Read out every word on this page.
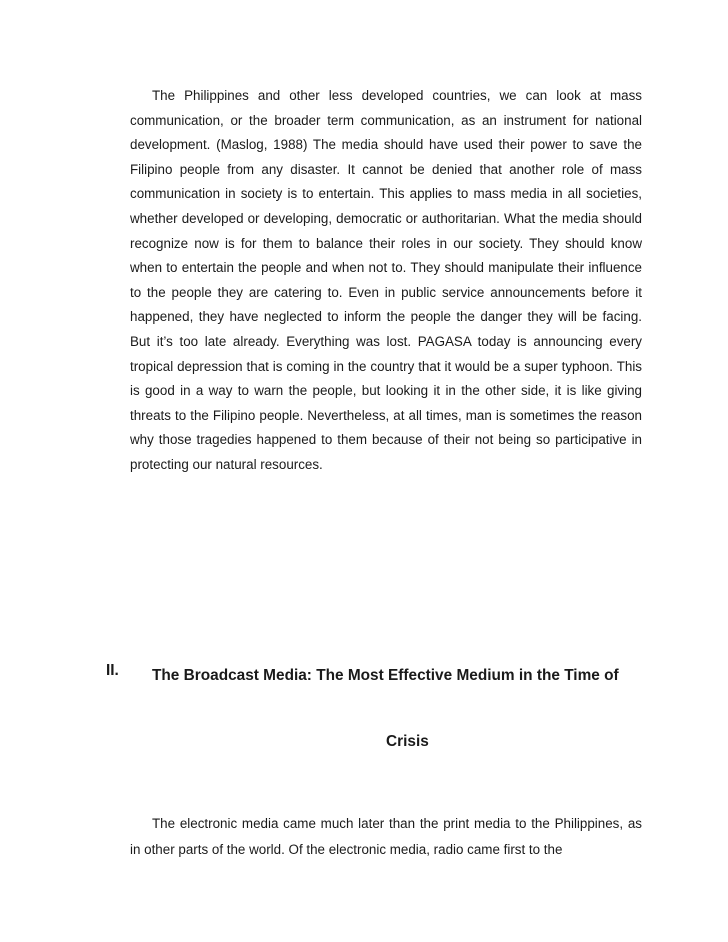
The Philippines and other less developed countries, we can look at mass communication, or the broader term communication, as an instrument for national development. (Maslog, 1988) The media should have used their power to save the Filipino people from any disaster. It cannot be denied that another role of mass communication in society is to entertain. This applies to mass media in all societies, whether developed or developing, democratic or authoritarian. What the media should recognize now is for them to balance their roles in our society. They should know when to entertain the people and when not to. They should manipulate their influence to the people they are catering to. Even in public service announcements before it happened, they have neglected to inform the people the danger they will be facing. But it’s too late already. Everything was lost. PAGASA today is announcing every tropical depression that is coming in the country that it would be a super typhoon. This is good in a way to warn the people, but looking it in the other side, it is like giving threats to the Filipino people. Nevertheless, at all times, man is sometimes the reason why those tragedies happened to them because of their not being so participative in protecting our natural resources.

II. The Broadcast Media: The Most Effective Medium in the Time of

Crisis

The electronic media came much later than the print media to the Philippines, as in other parts of the world. Of the electronic media, radio came first to the
